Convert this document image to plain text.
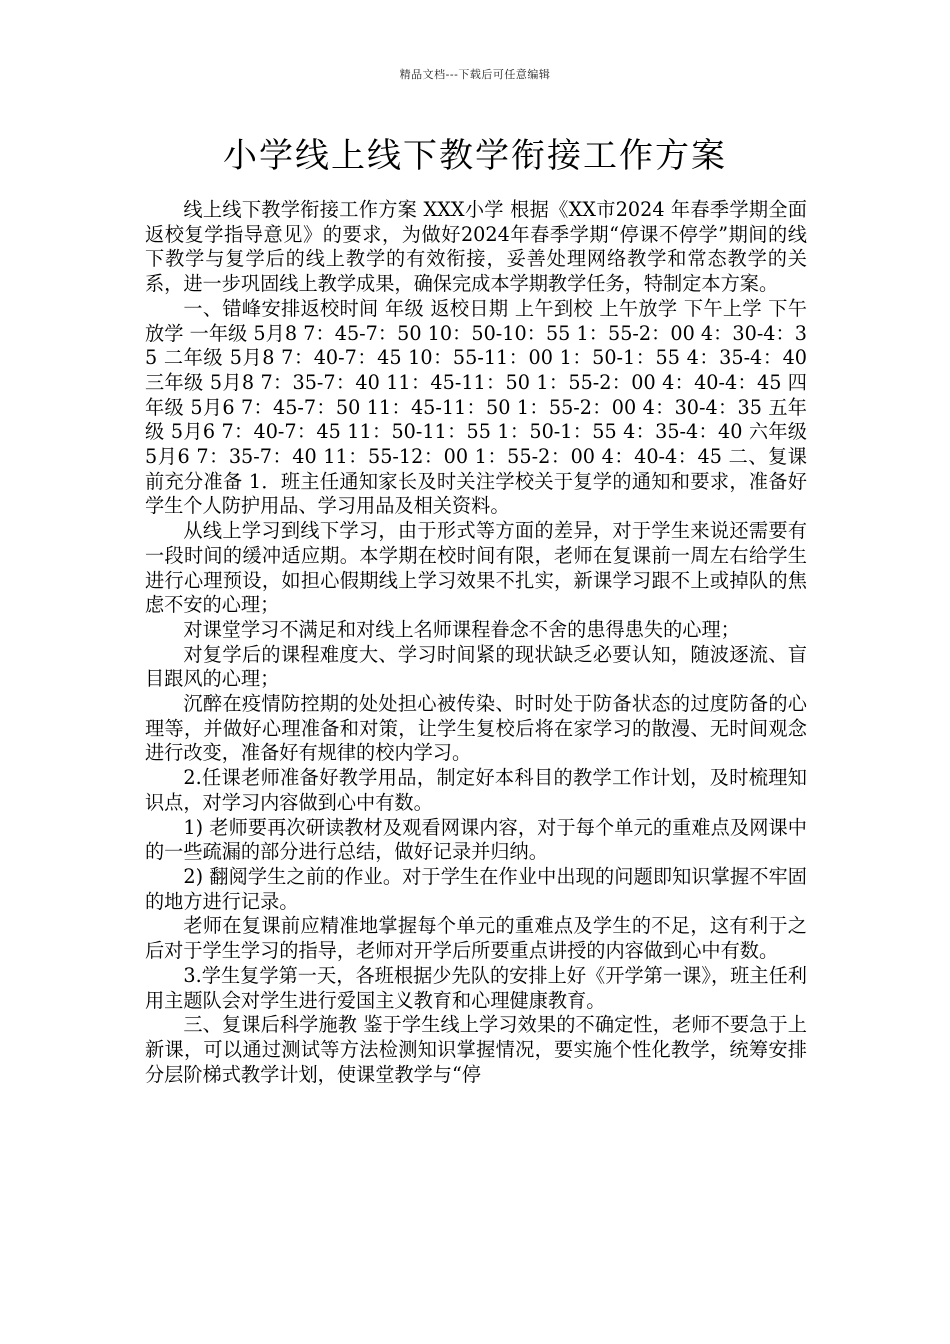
精品文档---下载后可任意编辑
小学线上线下教学衔接工作方案

线上线下教学衔接工作方案 XXX小学 根据《XX市2024 年春季学期全面返校复学指导意见》的要求，为做好2024年春季学期“停课不停学”期间的线下教学与复学后的线上教学的有效衔接，妥善处理网络教学和常态教学的关系，进一步巩固线上教学成果，确保完成本学期教学任务，特制定本方案。

一、错峰安排返校时间 年级 返校日期 上午到校 上午放学 下午上学 下午放学 一年级 5月8 7：45-7：50 10：50-10：55 1：55-2：00 4：30-4：35 二年级 5月8 7：40-7：45 10：55-11：00 1：50-1：55 4：35-4：40 三年级 5月8 7：35-7：40 11：45-11：50 1：55-2：00 4：40-4：45 四年级 5月6 7：45-7：50 11：45-11：50 1：55-2：00 4：30-4：35 五年级 5月6 7：40-7：45 11：50-11：55 1：50-1：55 4：35-4：40 六年级 5月6 7：35-7：40 11：55-12：00 1：55-2：00 4：40-4：45 二、复课前充分准备 1．班主任通知家长及时关注学校关于复学的通知和要求，准备好学生个人防护用品、学习用品及相关资料。

从线上学习到线下学习，由于形式等方面的差异，对于学生来说还需要有一段时间的缓冲适应期。本学期在校时间有限，老师在复课前一周左右给学生进行心理预设，如担心假期线上学习效果不扎实，新课学习跟不上或掉队的焦虑不安的心理；

对课堂学习不满足和对线上名师课程眷念不舍的患得患失的心理；

对复学后的课程难度大、学习时间紧的现状缺乏必要认知，随波逐流、盲目跟风的心理；

沉醉在疫情防控期的处处担心被传染、时时处于防备状态的过度防备的心理等，并做好心理准备和对策，让学生复校后将在家学习的散漫、无时间观念进行改变，准备好有规律的校内学习。

2.任课老师准备好教学用品，制定好本科目的教学工作计划，及时梳理知识点，对学习内容做到心中有数。

1) 老师要再次研读教材及观看网课内容，对于每个单元的重难点及网课中的一些疏漏的部分进行总结，做好记录并归纳。

2) 翻阅学生之前的作业。对于学生在作业中出现的问题即知识掌握不牢固的地方进行记录。

老师在复课前应精准地掌握每个单元的重难点及学生的不足，这有利于之后对于学生学习的指导，老师对开学后所要重点讲授的内容做到心中有数。

3.学生复学第一天，各班根据少先队的安排上好《开学第一课》，班主任利用主题队会对学生进行爱国主义教育和心理健康教育。

三、复课后科学施教 鉴于学生线上学习效果的不确定性，老师不要急于上新课，可以通过测试等方法检测知识掌握情况，要实施个性化教学，统筹安排分层阶梯式教学计划，使课堂教学与“停
